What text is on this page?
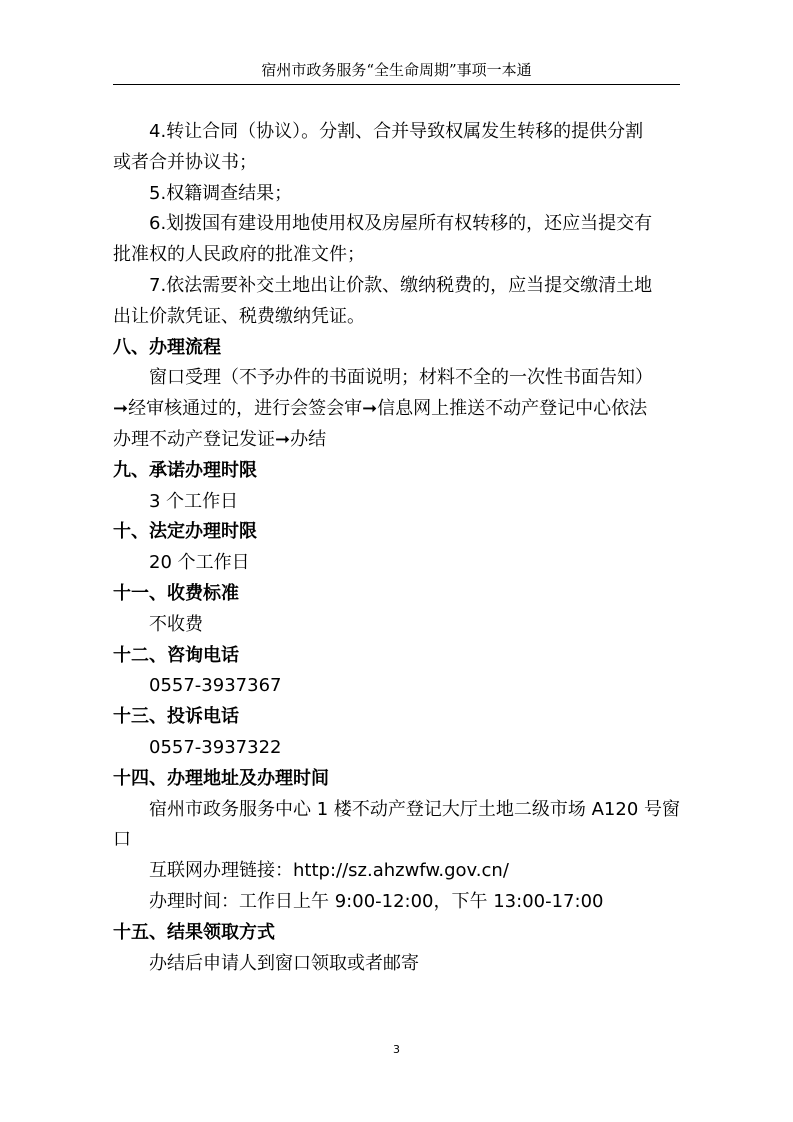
宿州市政务服务“全生命周期”事项一本通

4.转让合同（协议）。分割、合并导致权属发生转移的提供分割

或者合并协议书；

5.权籍调查结果；

6.划拨国有建设用地使用权及房屋所有权转移的，还应当提交有

批准权的人民政府的批准文件；

7.依法需要补交土地出让价款、缴纳税费的，应当提交缴清土地

出让价款凭证、税费缴纳凭证。

八、办理流程

窗口受理（不予办件的书面说明；材料不全的一次性书面告知）

➞经审核通过的，进行会签会审➞信息网上推送不动产登记中心依法

办理不动产登记发证➞办结

九、承诺办理时限

3 个工作日

十、法定办理时限

20 个工作日

十一、收费标准

不收费

十二、咨询电话

0557-3937367

十三、投诉电话

0557-3937322

十四、办理地址及办理时间

宿州市政务服务中心 1 楼不动产登记大厅土地二级市场 A120 号窗

口

互联网办理链接：http://sz.ahzwfw.gov.cn/

办理时间：工作日上午 9:00-12:00，下午 13:00-17:00

十五、结果领取方式

办结后申请人到窗口领取或者邮寄

3
